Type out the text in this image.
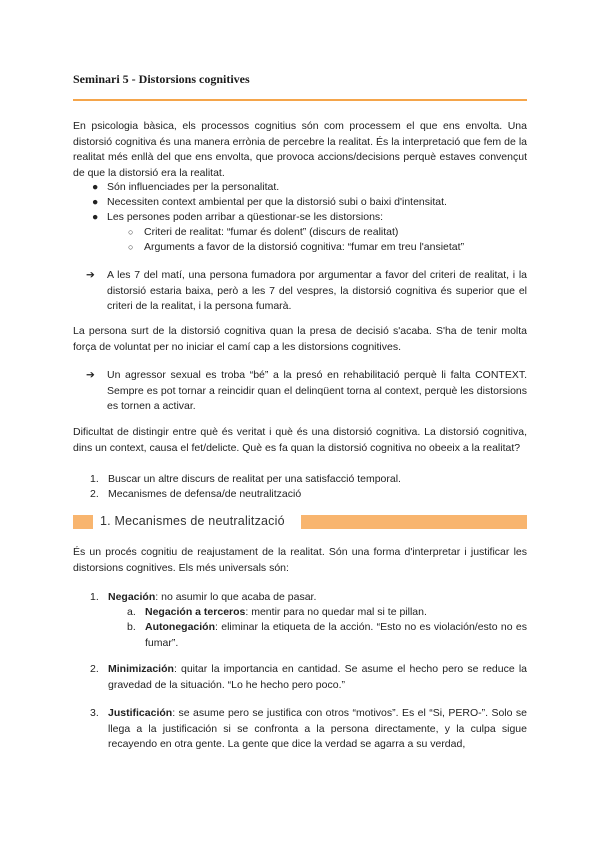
Seminari 5 - Distorsions cognitives
En psicologia bàsica, els processos cognitius són com processem el que ens envolta. Una distorsió cognitiva és una manera errònia de percebre la realitat. És la interpretació que fem de la realitat més enllà del que ens envolta, que provoca accions/decisions perquè estaves convençut de que la distorsió era la realitat.
● Són influenciades per la personalitat.
● Necessiten context ambiental per que la distorsió subi o baixi d'intensitat.
● Les persones poden arribar a qüestionar-se les distorsions:
○ Criteri de realitat: “fumar és dolent” (discurs de realitat)
○ Arguments a favor de la distorsió cognitiva: “fumar em treu l'ansietat”
➔ A les 7 del matí, una persona fumadora por argumentar a favor del criteri de realitat, i la distorsió estaria baixa, però a les 7 del vespres, la distorsió cognitiva és superior que el criteri de la realitat, i la persona fumarà.
La persona surt de la distorsió cognitiva quan la presa de decisió s'acaba. S'ha de tenir molta força de voluntat per no iniciar el camí cap a les distorsions cognitives.
➔ Un agressor sexual es troba “bé” a la presó en rehabilitació perquè li falta CONTEXT. Sempre es pot tornar a reincidir quan el delinqüent torna al context, perquè les distorsions es tornen a activar.
Dificultat de distingir entre què és veritat i què és una distorsió cognitiva. La distorsió cognitiva, dins un context, causa el fet/delicte. Què es fa quan la distorsió cognitiva no obeeix a la realitat?
1. Buscar un altre discurs de realitat per una satisfacció temporal.
2. Mecanismes de defensa/de neutralització
1. Mecanismes de neutralització
És un procés cognitiu de reajustament de la realitat. Són una forma d'interpretar i justificar les distorsions cognitives. Els més universals són:
1. Negación: no asumir lo que acaba de pasar.
a. Negación a terceros: mentir para no quedar mal si te pillan.
b. Autonegación: eliminar la etiqueta de la acción. “Esto no es violación/esto no es fumar”.
2. Minimización: quitar la importancia en cantidad. Se asume el hecho pero se reduce la gravedad de la situación. “Lo he hecho pero poco.”
3. Justificación: se asume pero se justifica con otros “motivos”. Es el “Si, PERO-”. Solo se llega a la justificación si se confronta a la persona directamente, y la culpa sigue recayendo en otra gente. La gente que dice la verdad se agarra a su verdad,
